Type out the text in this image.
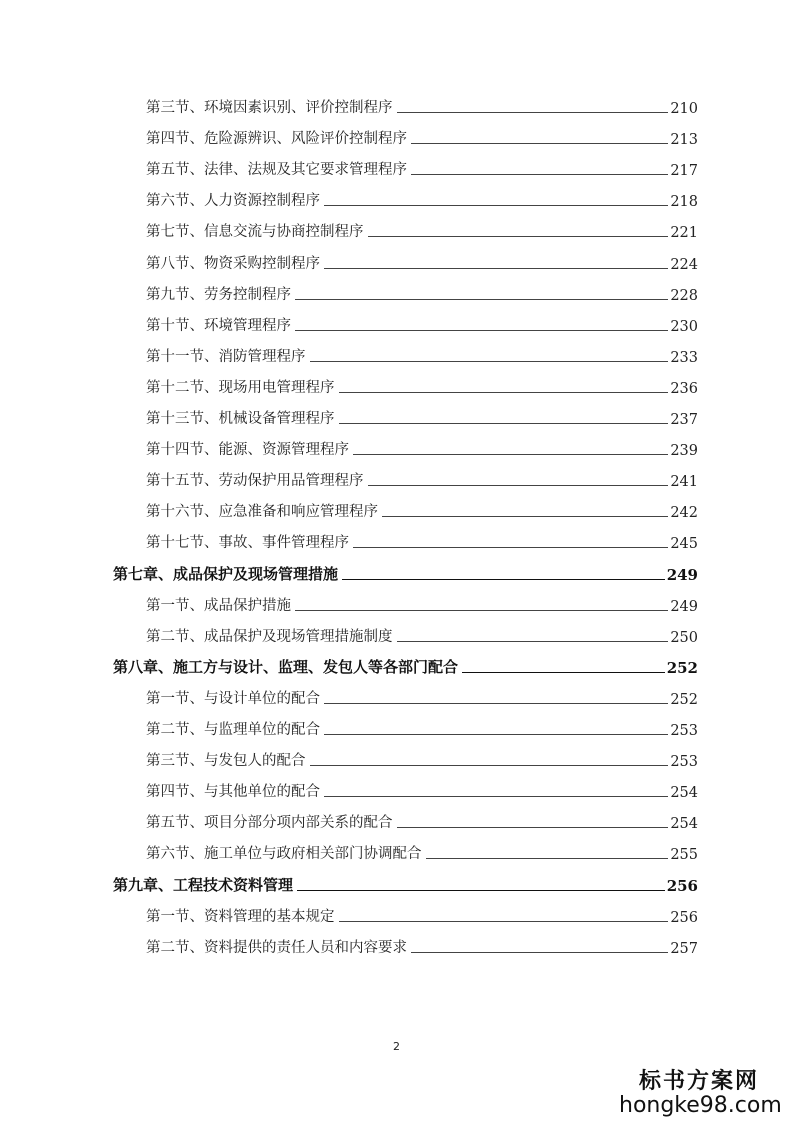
第三节、环境因素识别、评价控制程序	210
第四节、危险源辨识、风险评价控制程序	213
第五节、法律、法规及其它要求管理程序	217
第六节、人力资源控制程序	218
第七节、信息交流与协商控制程序	221
第八节、物资采购控制程序	224
第九节、劳务控制程序	228
第十节、环境管理程序	230
第十一节、消防管理程序	233
第十二节、现场用电管理程序	236
第十三节、机械设备管理程序	237
第十四节、能源、资源管理程序	239
第十五节、劳动保护用品管理程序	241
第十六节、应急准备和响应管理程序	242
第十七节、事故、事件管理程序	245
第七章、成品保护及现场管理措施	249
第一节、成品保护措施	249
第二节、成品保护及现场管理措施制度	250
第八章、施工方与设计、监理、发包人等各部门配合	252
第一节、与设计单位的配合	252
第二节、与监理单位的配合	253
第三节、与发包人的配合	253
第四节、与其他单位的配合	254
第五节、项目分部分项内部关系的配合	254
第六节、施工单位与政府相关部门协调配合	255
第九章、工程技术资料管理	256
第一节、资料管理的基本规定	256
第二节、资料提供的责任人员和内容要求	257
2
标书方案网
hongke98.com
